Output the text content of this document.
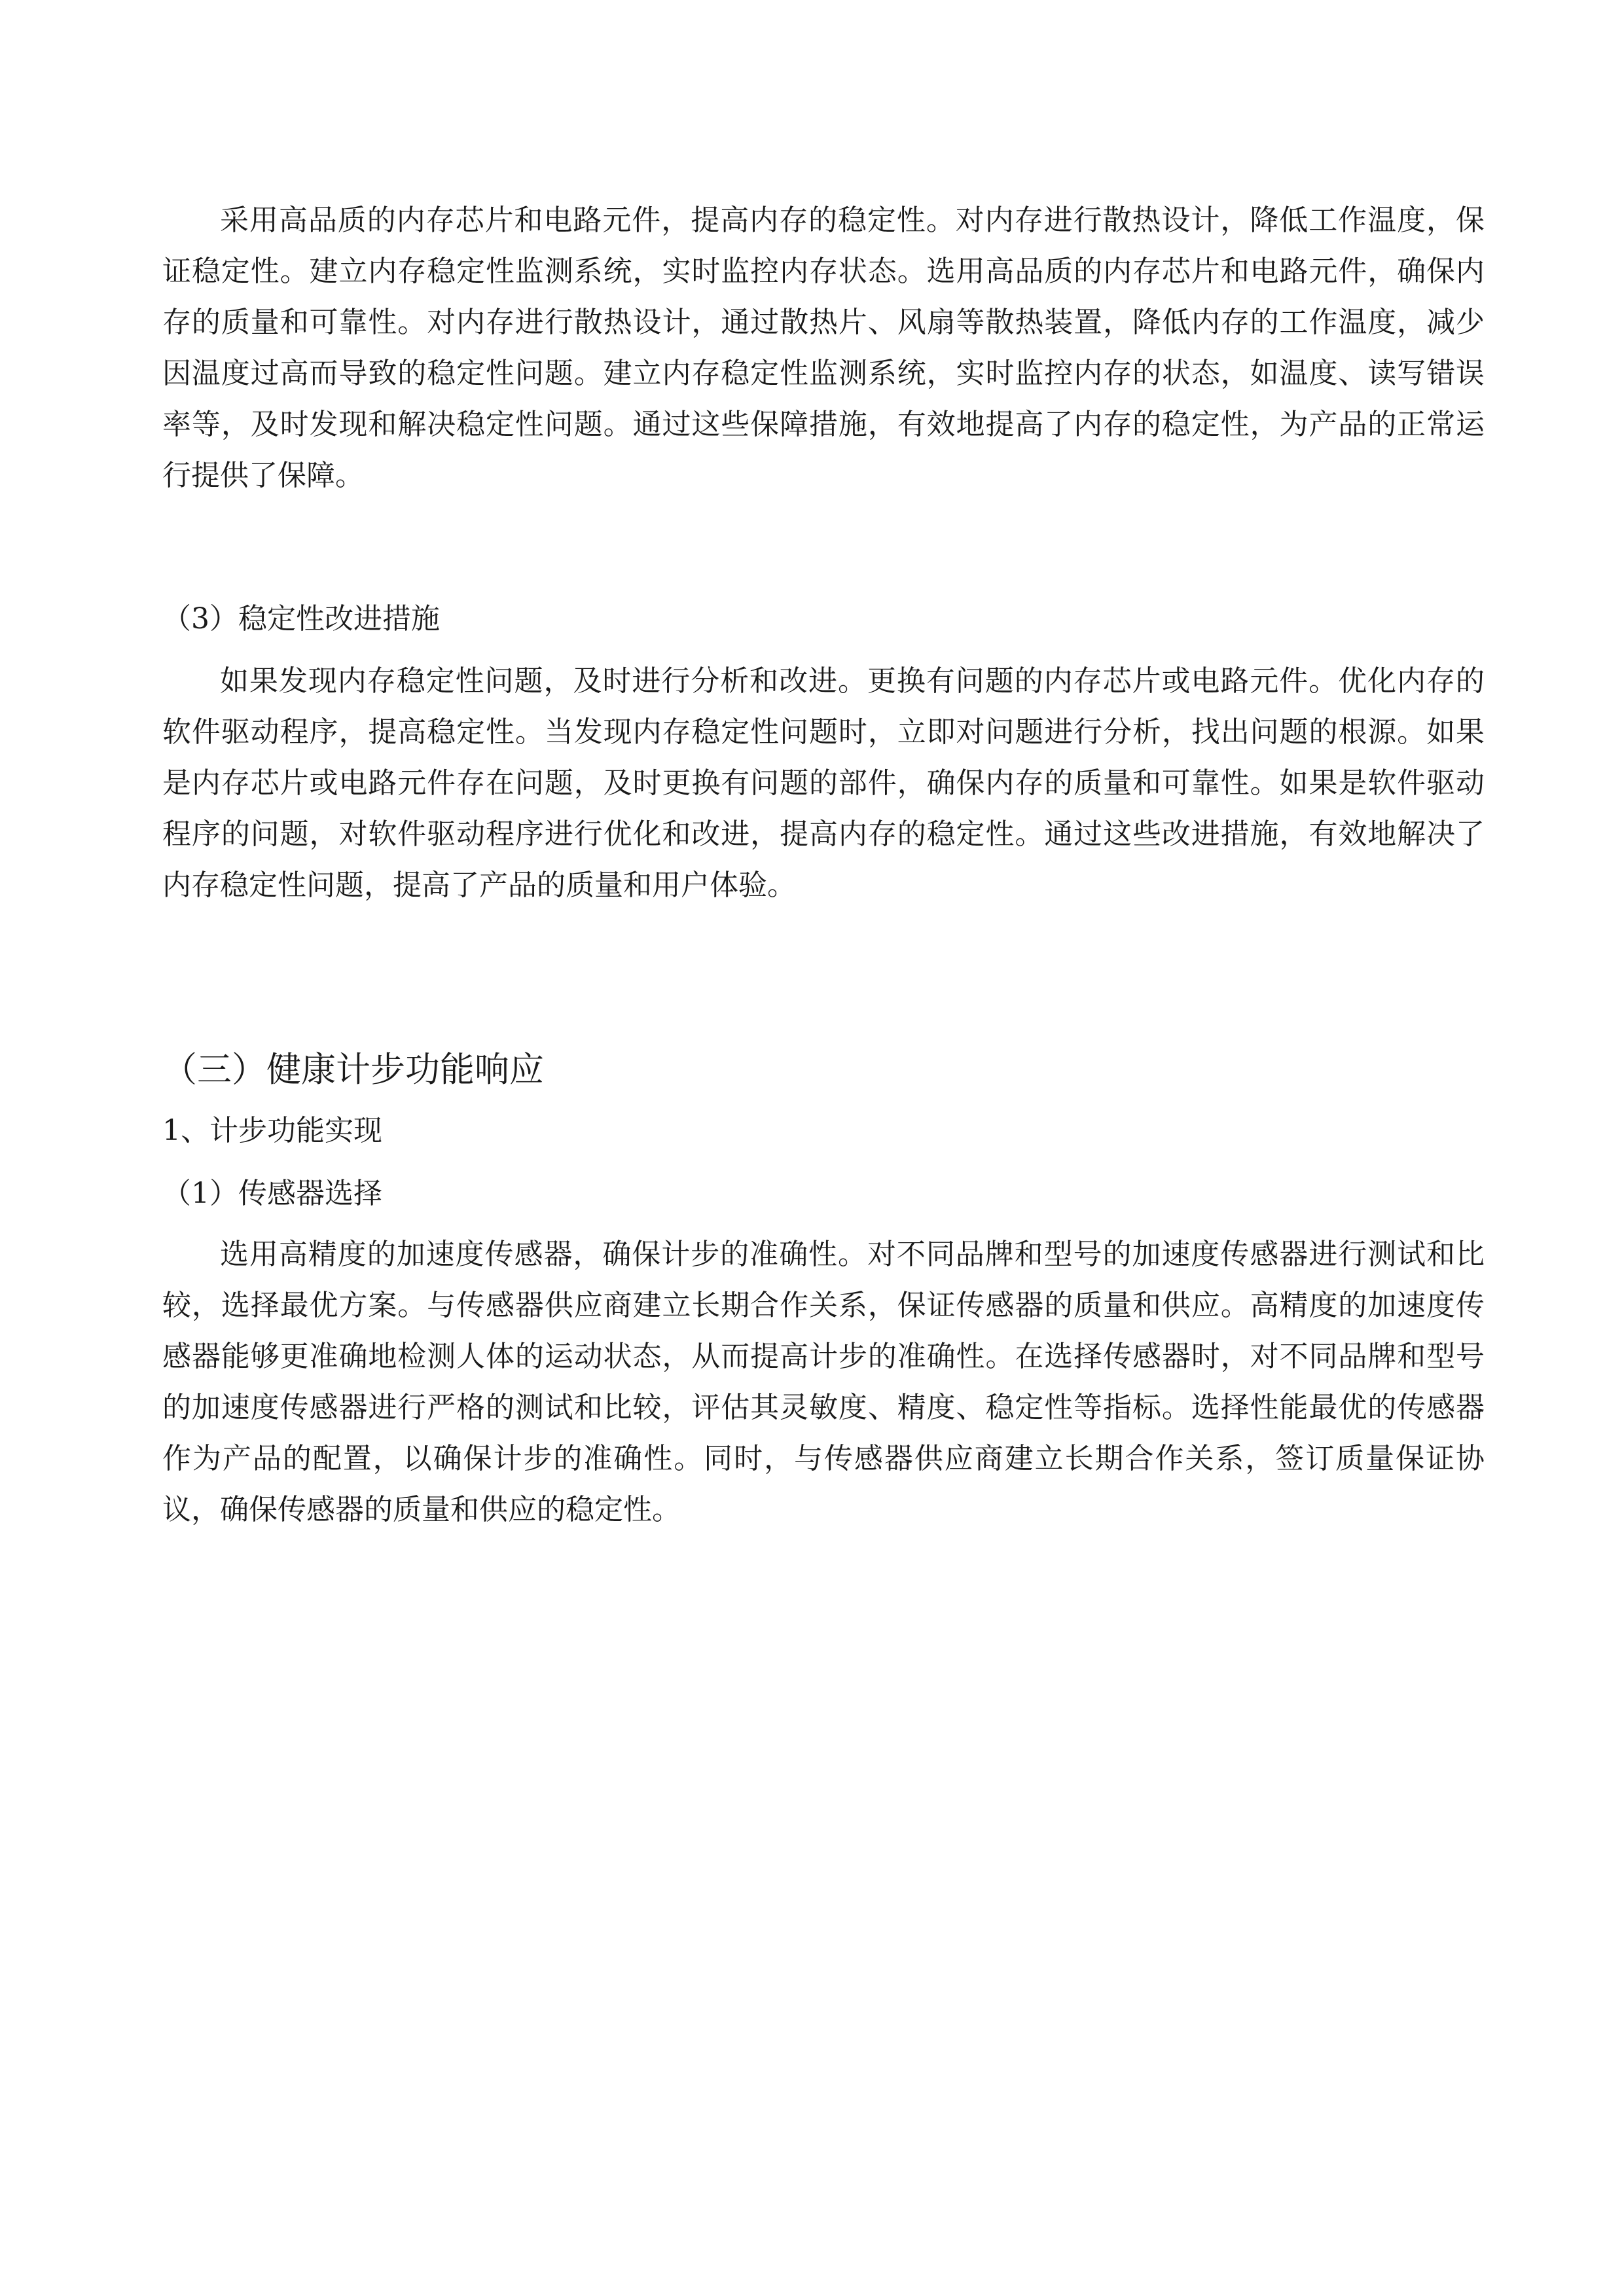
采用高品质的内存芯片和电路元件，提高内存的稳定性。对内存进行散热设计，降低工作温度，保证稳定性。建立内存稳定性监测系统，实时监控内存状态。选用高品质的内存芯片和电路元件，确保内存的质量和可靠性。对内存进行散热设计，通过散热片、风扇等散热装置，降低内存的工作温度，减少因温度过高而导致的稳定性问题。建立内存稳定性监测系统，实时监控内存的状态，如温度、读写错误率等，及时发现和解决稳定性问题。通过这些保障措施，有效地提高了内存的稳定性，为产品的正常运行提供了保障。

（3）稳定性改进措施

如果发现内存稳定性问题，及时进行分析和改进。更换有问题的内存芯片或电路元件。优化内存的软件驱动程序，提高稳定性。当发现内存稳定性问题时，立即对问题进行分析，找出问题的根源。如果是内存芯片或电路元件存在问题，及时更换有问题的部件，确保内存的质量和可靠性。如果是软件驱动程序的问题，对软件驱动程序进行优化和改进，提高内存的稳定性。通过这些改进措施，有效地解决了内存稳定性问题，提高了产品的质量和用户体验。

（三）健康计步功能响应
1、计步功能实现
（1）传感器选择

选用高精度的加速度传感器，确保计步的准确性。对不同品牌和型号的加速度传感器进行测试和比较，选择最优方案。与传感器供应商建立长期合作关系，保证传感器的质量和供应。高精度的加速度传感器能够更准确地检测人体的运动状态，从而提高计步的准确性。在选择传感器时，对不同品牌和型号的加速度传感器进行严格的测试和比较，评估其灵敏度、精度、稳定性等指标。选择性能最优的传感器作为产品的配置，以确保计步的准确性。同时，与传感器供应商建立长期合作关系，签订质量保证协议，确保传感器的质量和供应的稳定性。
